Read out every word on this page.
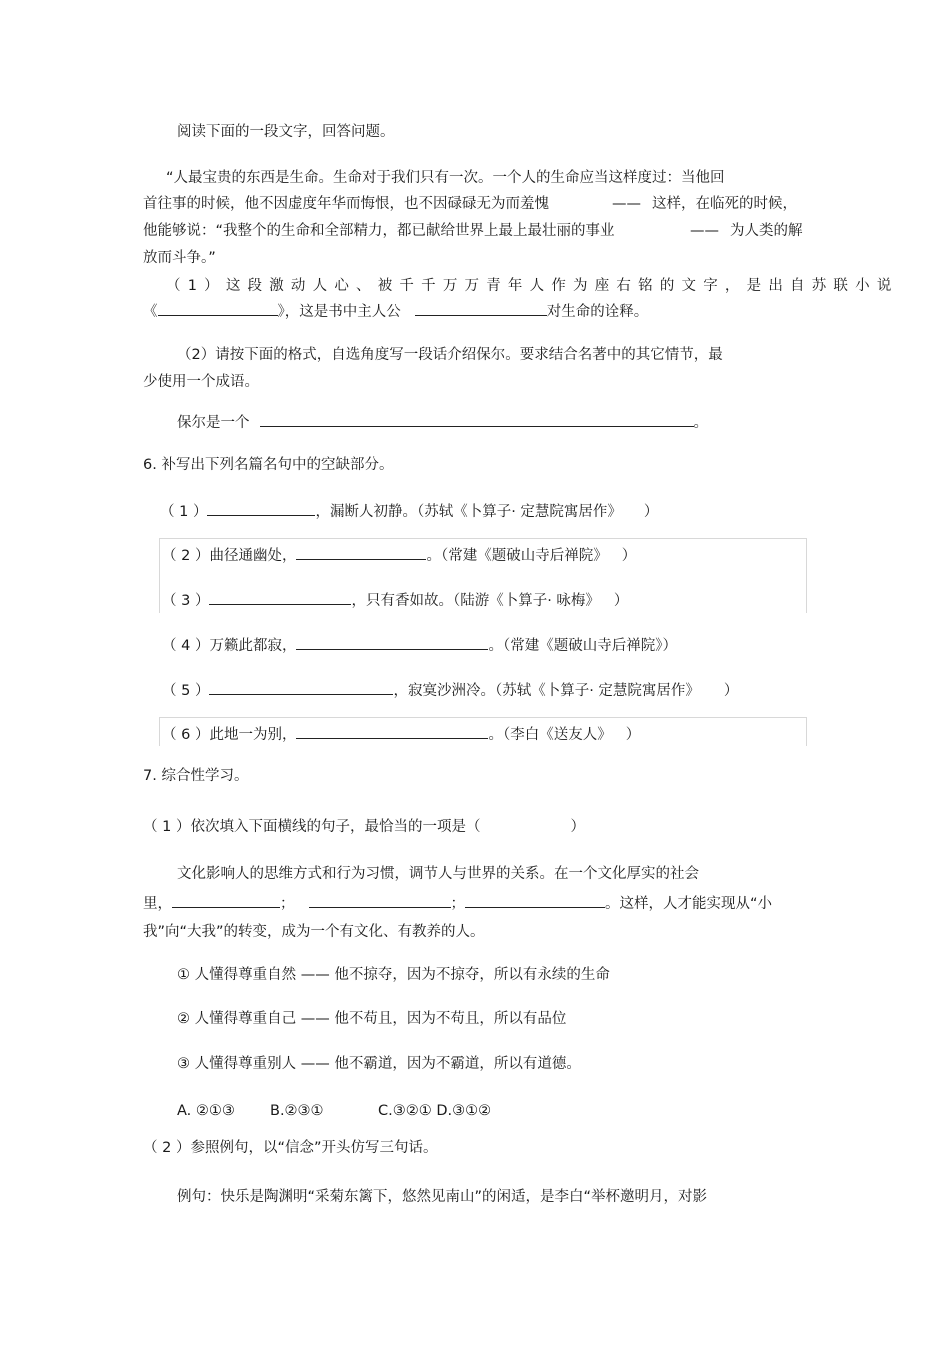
阅读下面的一段文字，回答问题。
“人最宝贵的东西是生命。生命对于我们只有一次。一个人的生命应当这样度过：当他回
首往事的时候，他不因虚度年华而悔恨，也不因碌碌无为而羞愧	—— 这样，在临死的时候，
他能够说：“我整个的生命和全部精力，都已献给世界上最上最壮丽的事业	—— 为人类的解
放而斗争。”
（1）这段激动人心、被千千万万青年人作为座右铭的文字，是出自苏联小说
《	》，这是书中主人公	对生命的诠释。
（2）请按下面的格式，自选角度写一段话介绍保尔。要求结合名著中的其它情节，最
少使用一个成语。
保尔是一个	。
6. 补写出下列名篇名句中的空缺部分。
（ 1 ）	，漏断人初静。（苏轼《卜算子· 定慧院寓居作》 ）
（ 2 ）曲径通幽处，	。（常建《题破山寺后禅院》 ）
（ 3 ）	，只有香如故。（陆游《卜算子· 咏梅》 ）
（ 4 ）万籁此都寂，	。（常建《题破山寺后禅院》）
（ 5 ）	，寂寞沙洲冷。（苏轼《卜算子· 定慧院寓居作》 ）
（ 6 ）此地一为别，	。（李白《送友人》 ）
7. 综合性学习。
（ 1 ）依次填入下面横线的句子，最恰当的一项是（	）
文化影响人的思维方式和行为习惯，调节人与世界的关系。在一个文化厚实的社会
里，	；	；	。这样，人才能实现从“小
我”向“大我”的转变，成为一个有文化、有教养的人。
① 人懂得尊重自然 —— 他不掠夺，因为不掠夺，所以有永续的生命
② 人懂得尊重自己 —— 他不苟且，因为不苟且，所以有品位
③ 人懂得尊重别人 —— 他不霸道，因为不霸道，所以有道德。
A. ②①③ B.②③①	C.③②① D.③①②
（ 2 ）参照例句，以“信念”开头仿写三句话。
例句：快乐是陶渊明“采菊东篱下，悠然见南山”的闲适，是李白“举杯邀明月，对影
